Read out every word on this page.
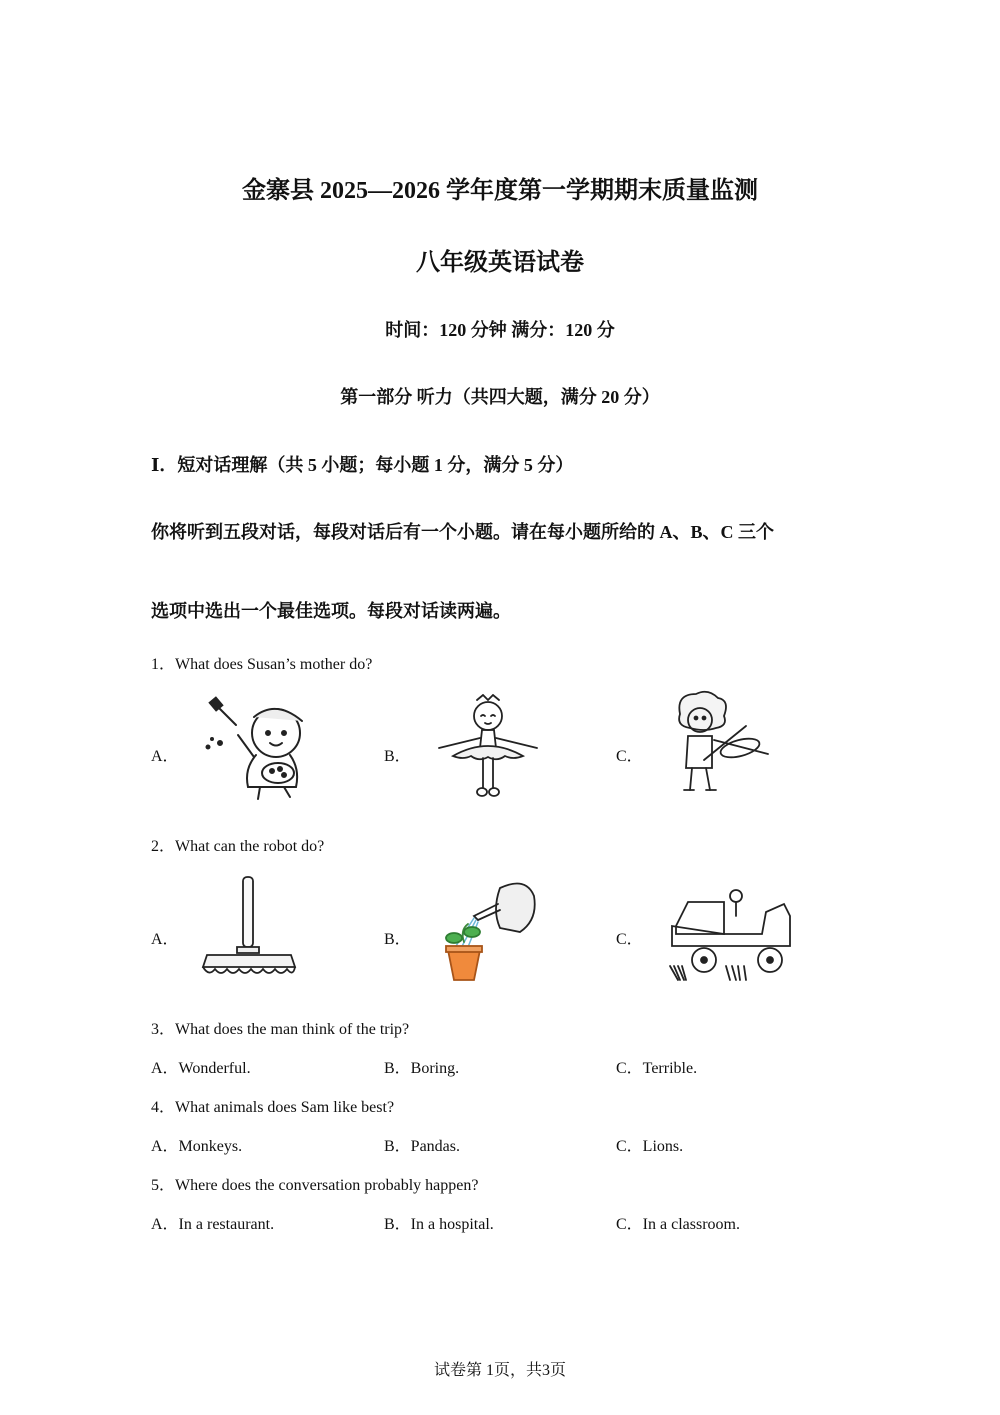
金寨县 2025—2026 学年度第一学期期末质量监测
八年级英语试卷
时间：120 分钟 满分：120 分
第一部分 听力（共四大题，满分 20 分）
Ⅰ．短对话理解（共 5 小题；每小题 1 分，满分 5 分）
你将听到五段对话，每段对话后有一个小题。请在每小题所给的 A、B、C 三个
选项中选出一个最佳选项。每段对话读两遍。
1．What does Susan’s mother do?
A．	B．	C．
2．What can the robot do?
A．	B．	C．
3．What does the man think of the trip?
A．Wonderful.	B．Boring.	C．Terrible.
4．What animals does Sam like best?
A．Monkeys.	B．Pandas.	C．Lions.
5．Where does the conversation probably happen?
A．In a restaurant.	B．In a hospital.	C．In a classroom.
试卷第 1页，共3页
